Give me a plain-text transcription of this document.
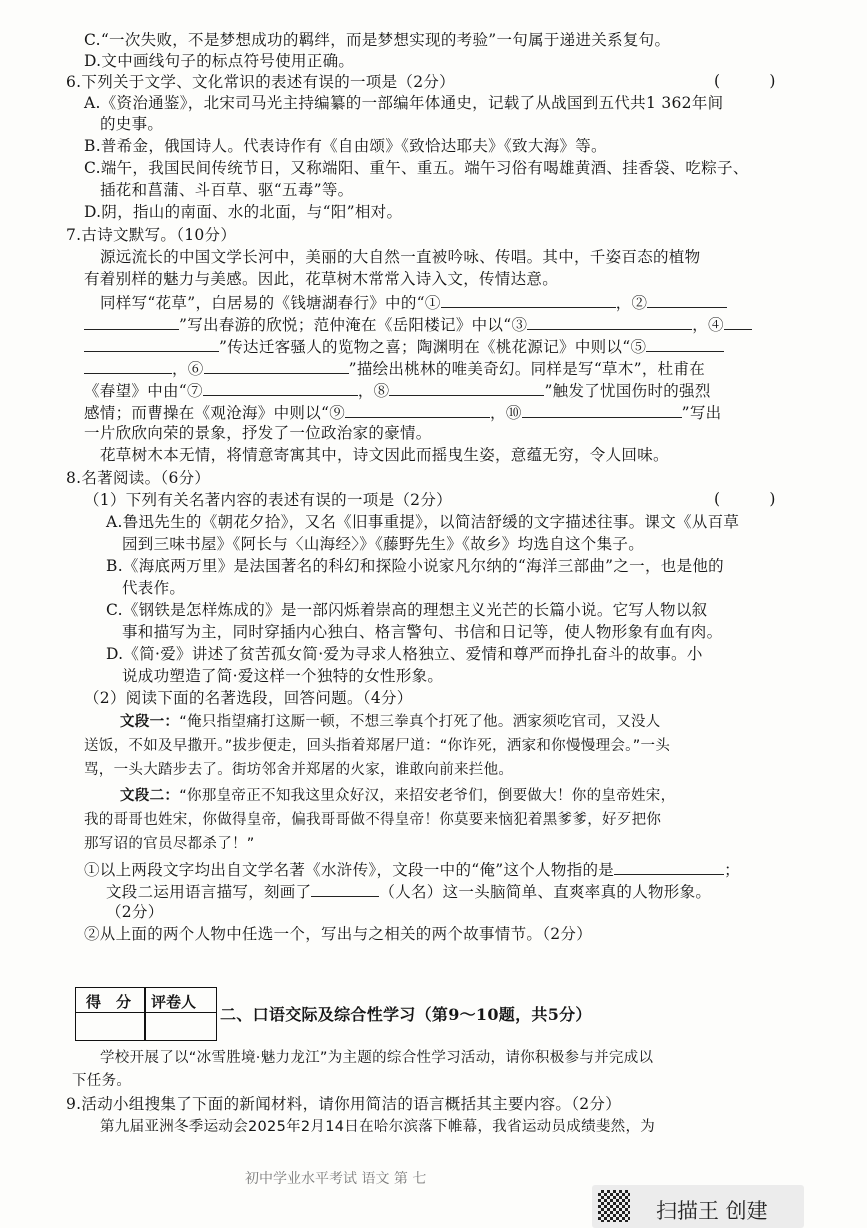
C.“一次失败，不是梦想成功的羁绊，而是梦想实现的考验”一句属于递进关系复句。
D.文中画线句子的标点符号使用正确。
6.下列关于文学、文化常识的表述有误的一项是（2分）	(          )
A.《资治通鉴》，北宋司马光主持编纂的一部编年体通史，记载了从战国到五代共1 362年间
的史事。
B.普希金，俄国诗人。代表诗作有《自由颂》《致恰达耶夫》《致大海》等。
C.端午，我国民间传统节日，又称端阳、重午、重五。端午习俗有喝雄黄酒、挂香袋、吃粽子、
插花和菖蒲、斗百草、驱“五毒”等。
D.阴，指山的南面、水的北面，与“阳”相对。
7.古诗文默写。（10分）
源远流长的中国文学长河中，美丽的大自然一直被吟咏、传唱。其中，千姿百态的植物
有着别样的魅力与美感。因此，花草树木常常入诗入文，传情达意。
同样写“花草”，白居易的《钱塘湖春行》中的“①	，②
”写出春游的欣悦；范仲淹在《岳阳楼记》中以“③	，④
”传达迁客骚人的览物之喜；陶渊明在《桃花源记》中则以“⑤
，⑥	”描绘出桃林的唯美奇幻。同样是写“草木”，杜甫在
《春望》中由“⑦	，⑧	”触发了忧国伤时的强烈
感情；而曹操在《观沧海》中则以“⑨	，⑩	”写出
一片欣欣向荣的景象，抒发了一位政治家的豪情。
花草树木本无情，将情意寄寓其中，诗文因此而摇曳生姿，意蕴无穷，令人回味。
8.名著阅读。（6分）
（1）下列有关名著内容的表述有误的一项是（2分）	(          )
A.鲁迅先生的《朝花夕拾》，又名《旧事重提》，以简洁舒缓的文字描述往事。课文《从百草
园到三味书屋》《阿长与〈山海经〉》《藤野先生》《故乡》均选自这个集子。
B.《海底两万里》是法国著名的科幻和探险小说家凡尔纳的“海洋三部曲”之一，也是他的
代表作。
C.《钢铁是怎样炼成的》是一部闪烁着崇高的理想主义光芒的长篇小说。它写人物以叙
事和描写为主，同时穿插内心独白、格言警句、书信和日记等，使人物形象有血有肉。
D.《简·爱》讲述了贫苦孤女简·爱为寻求人格独立、爱情和尊严而挣扎奋斗的故事。小
说成功塑造了简·爱这样一个独特的女性形象。
（2）阅读下面的名著选段，回答问题。（4分）
文段一：“俺只指望痛打这厮一顿，不想三拳真个打死了他。洒家须吃官司，又没人
送饭，不如及早撒开。”拔步便走，回头指着郑屠尸道：“你诈死，洒家和你慢慢理会。”一头
骂，一头大踏步去了。街坊邻舍并郑屠的火家，谁敢向前来拦他。
文段二：“你那皇帝正不知我这里众好汉，来招安老爷们，倒要做大！你的皇帝姓宋，
我的哥哥也姓宋，你做得皇帝，偏我哥哥做不得皇帝！你莫要来恼犯着黑爹爹，好歹把你
那写诏的官员尽都杀了！”
①以上两段文字均出自文学名著《水浒传》，文段一中的“俺”这个人物指的是	；
文段二运用语言描写，刻画了	（人名）这一头脑简单、直爽率真的人物形象。
（2分）
②从上面的两个人物中任选一个，写出与之相关的两个故事情节。（2分）
得　分 评卷人
二、口语交际及综合性学习（第9～10题，共5分）
学校开展了以“冰雪胜境·魅力龙江”为主题的综合性学习活动，请你积极参与并完成以
下任务。
9.活动小组搜集了下面的新闻材料，请你用简洁的语言概括其主要内容。（2分）
第九届亚洲冬季运动会2025年2月14日在哈尔滨落下帷幕，我省运动员成绩斐然，为
初中学业水平考试 语文 第 七
扫描王 创建
